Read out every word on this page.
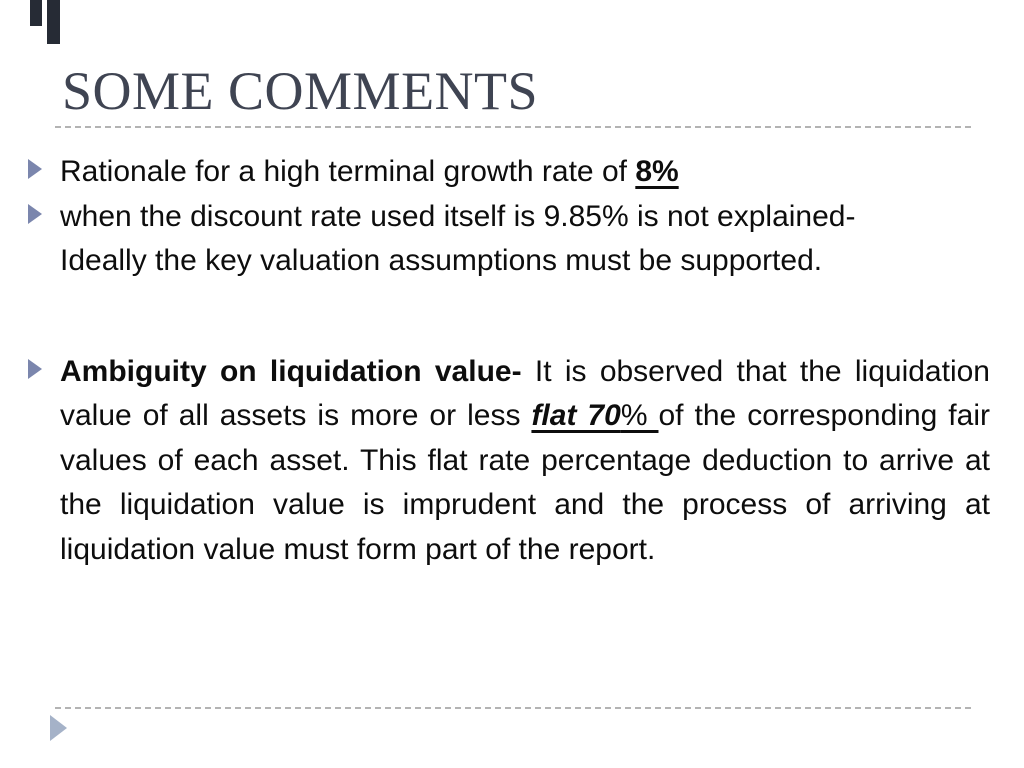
SOME COMMENTS
Rationale for a high terminal growth rate of 8%
when the discount rate used itself is 9.85% is not explained-
Ideally the key valuation assumptions must be supported.
Ambiguity on liquidation value- It is observed that the liquidation value of all assets is more or less flat 70% of the corresponding fair values of each asset. This flat rate percentage deduction to arrive at the liquidation value is imprudent and the process of arriving at liquidation value must form part of the report.
